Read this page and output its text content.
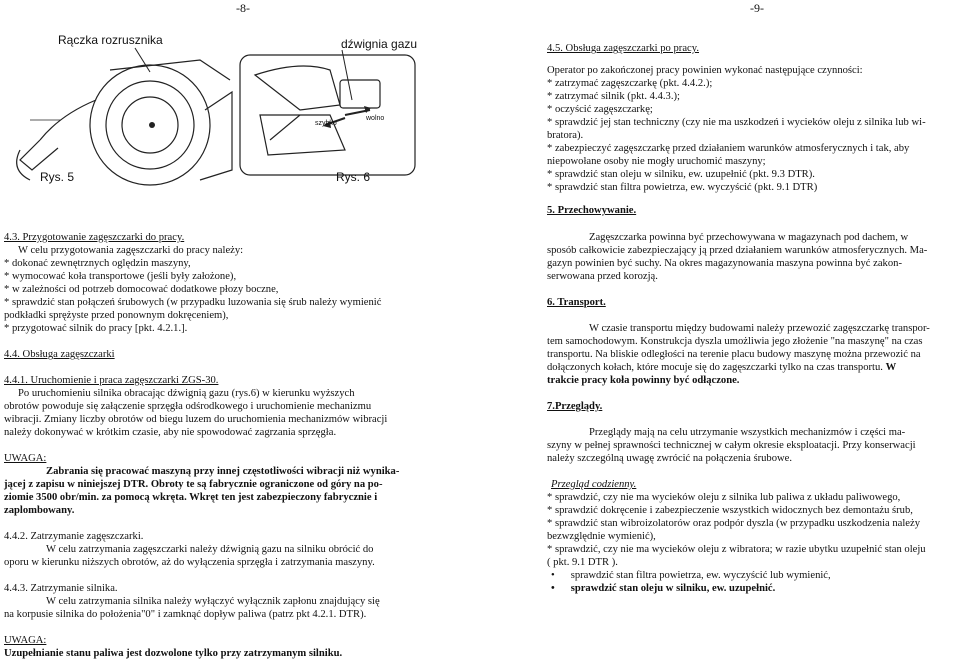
-8-	-9-
Rączka rozrusznika	dźwignia gazu
szybko
wolno
Rys. 5	Rys. 6

4.5. Obsługa zagęszczarki po pracy.

Operator po zakończonej pracy powinien wykonać następujące czynności:

* zatrzymać zagęszczarkę (pkt. 4.4.2.);

* zatrzymać silnik (pkt. 4.4.3.);

* oczyścić zagęszczarkę;

* sprawdzić jej stan techniczny (czy nie ma uszkodzeń i wycieków oleju z silnika lub wi-

bratora).

* zabezpieczyć zagęszczarkę przed działaniem warunków atmosferycznych i tak, aby

niepowołane osoby nie mogły uruchomić maszyny;

* sprawdzić stan oleju w silniku, ew. uzupełnić (pkt. 9.3 DTR).

* sprawdzić stan filtra powietrza, ew. wyczyścić (pkt. 9.1 DTR)

5. Przechowywanie.

4.3. Przygotowanie zagęszczarki do pracy.

W celu przygotowania zagęszczarki do pracy należy:

* dokonać zewnętrznych oględzin maszyny,

* wymocować koła transportowe (jeśli były założone),

* w zależności od potrzeb domocować dodatkowe płozy boczne,

* sprawdzić stan połączeń śrubowych (w przypadku luzowania się śrub należy wymienić

podkładki sprężyste przed ponownym dokręceniem),

* przygotować silnik do pracy [pkt. 4.2.1.].

4.4. Obsługa zagęszczarki

4.4.1. Uruchomienie i praca zagęszczarki ZGS-30.

Po uruchomieniu silnika obracając dźwignią gazu (rys.6) w kierunku wyższych

obrotów powoduje się załączenie sprzęgła odśrodkowego i uruchomienie mechanizmu

wibracji. Zmiany liczby obrotów od biegu luzem do uruchomienia mechanizmów wibracji

należy dokonywać w krótkim czasie, aby nie spowodować zagrzania sprzęgła.

UWAGA:

Zabrania się pracować maszyną przy innej częstotliwości wibracji niż wynika-

jącej z zapisu w niniejszej DTR. Obroty te są fabrycznie ograniczone od góry na po-

ziomie 3500 obr/min. za pomocą wkręta. Wkręt ten jest zabezpieczony fabrycznie i

zaplombowany.

4.4.2. Zatrzymanie zagęszczarki.

W celu zatrzymania zagęszczarki należy dźwignią gazu na silniku obrócić do

oporu w kierunku niższych obrotów, aż do wyłączenia sprzęgła i zatrzymania maszyny.

4.4.3. Zatrzymanie silnika.

W celu zatrzymania silnika należy wyłączyć wyłącznik zapłonu znajdujący się

na korpusie silnika do położenia"0" i zamknąć dopływ paliwa (patrz pkt 4.2.1. DTR).

UWAGA:

Uzupełnianie stanu paliwa jest dozwolone tylko przy zatrzymanym silniku.

Zagęszczarka powinna być przechowywana w magazynach pod dachem, w

sposób całkowicie zabezpieczający ją przed działaniem warunków atmosferycznych. Ma-

gazyn powinien być suchy. Na okres magazynowania maszyna powinna być zakon-

serwowana przed korozją.

6. Transport.

W czasie transportu między budowami należy przewozić zagęszczarkę transpor-

tem samochodowym. Konstrukcja dyszla umożliwia jego złożenie "na maszynę" na czas

transportu. Na bliskie odległości na terenie placu budowy maszynę można przewozić na

dołączonych kołach, które mocuje się do zagęszczarki tylko na czas transportu. W

trakcie pracy koła powinny być odłączone.

7.Przeglądy.

Przeglądy mają na celu utrzymanie wszystkich mechanizmów i części ma-

szyny w pełnej sprawności technicznej w całym okresie eksploatacji. Przy konserwacji

należy szczególną uwagę zwrócić na połączenia śrubowe.

Przegląd codzienny.

* sprawdzić, czy nie ma wycieków oleju z silnika lub paliwa z układu paliwowego,

* sprawdzić dokręcenie i zabezpieczenie wszystkich widocznych bez demontażu śrub,

* sprawdzić stan wibroizolatorów oraz podpór dyszla (w przypadku uszkodzenia należy

bezwzględnie wymienić),

* sprawdzić, czy nie ma wycieków oleju z wibratora; w razie ubytku uzupełnić stan oleju

( pkt. 9.1 DTR ).

• sprawdzić stan filtra powietrza, ew. wyczyścić lub wymienić,

• sprawdzić stan oleju w silniku, ew. uzupełnić.
